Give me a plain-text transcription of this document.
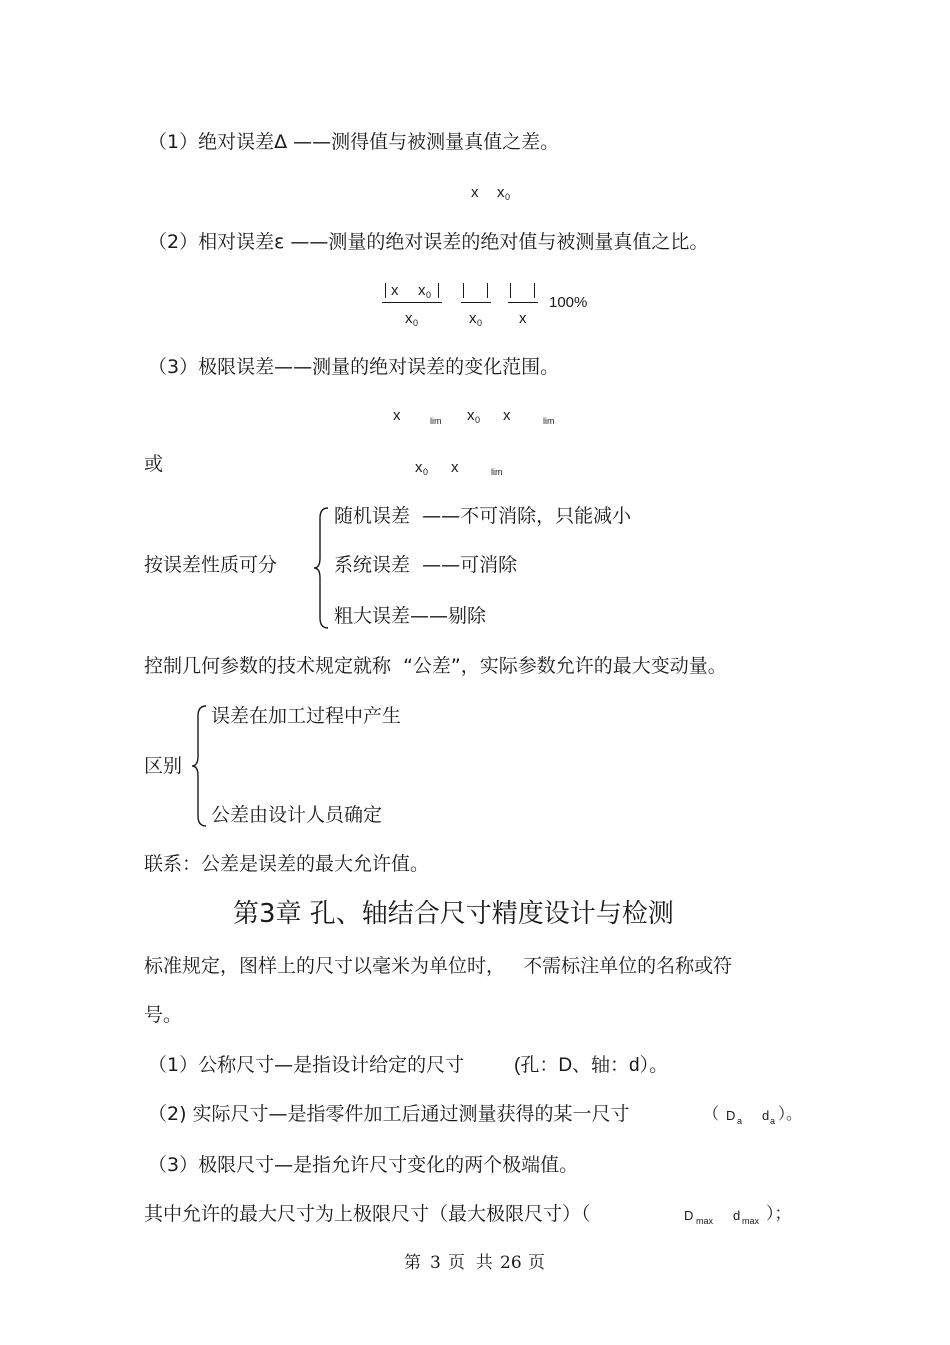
（1）绝对误差Δ ——测得值与被测量真值之差。
x x 0
（2）相对误差ε ——测量的绝对误差的绝对值与被测量真值之比。
x x 0
x 0	x 0 x
100%
（3）极限误差——测量的绝对误差的变化范围。
x	lim x 0 x	lim
或	x 0 x	lim
按误差性质可分
随机误差  ——不可消除，只能减小
系统误差  ——可消除
粗大误差——剔除
控制几何参数的技术规定就称  “公差”，实际参数允许的最大变动量。
区别
误差在加工过程中产生
公差由设计人员确定
联系：公差是误差的最大允许值。
第3章 孔、轴结合尺寸精度设计与检测
标准规定，图样上的尺寸以毫米为单位时，   不需标注单位的名称或符
号。
（1）公称尺寸—是指设计给定的尺寸	(孔：D、轴：d）。
（2) 实际尺寸—是指零件加工后通过测量获得的某一尺寸	（ D a d a ）。
（3）极限尺寸—是指允许尺寸变化的两个极端值。
其中允许的最大尺寸为上极限尺寸（最大极限尺寸）（	D max d max ）；
第 3 页  共 26 页
